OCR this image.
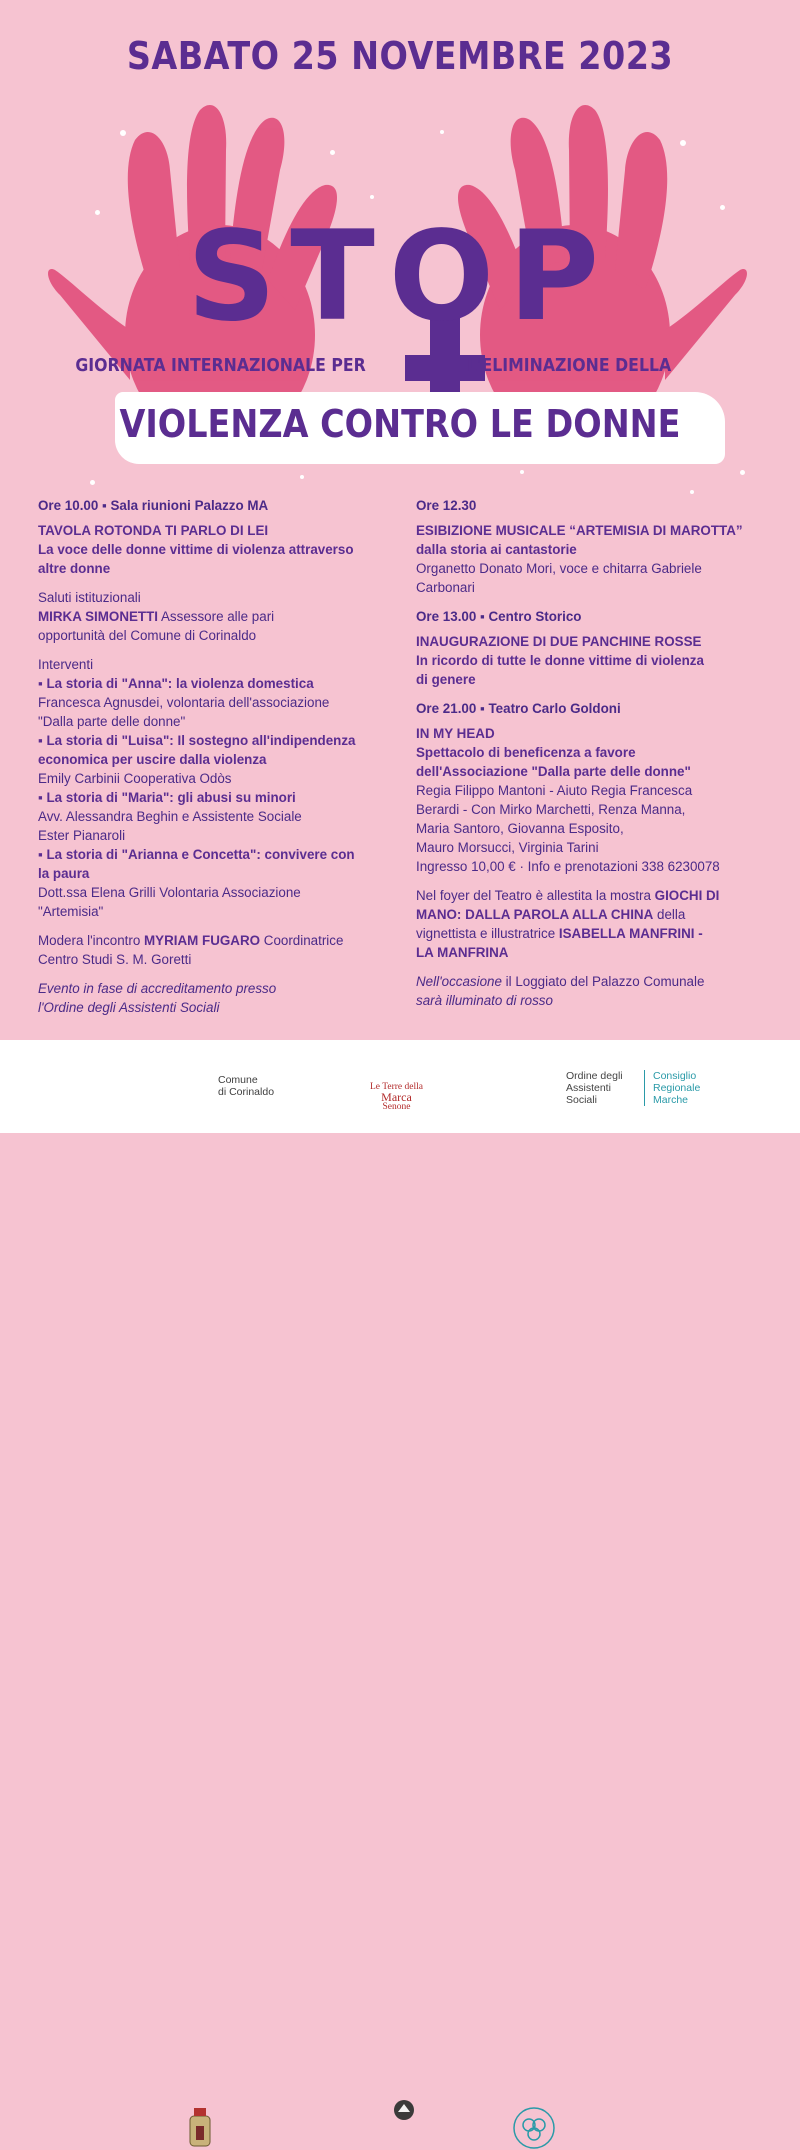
SABATO 25 NOVEMBRE 2023
STOP
GIORNATA INTERNAZIONALE PER	L'ELIMINAZIONE DELLA
VIOLENZA CONTRO LE DONNE
Ore 10.00 ▪ Sala riunioni Palazzo MA
TAVOLA ROTONDA TI PARLO DI LEI
La voce delle donne vittime di violenza attraverso
altre donne
Saluti istituzionali
MIRKA SIMONETTI Assessore alle pari
opportunità del Comune di Corinaldo
Interventi
▪ La storia di "Anna": la violenza domestica
Francesca Agnusdei, volontaria dell'associazione
"Dalla parte delle donne"
▪ La storia di "Luisa": Il sostegno all'indipendenza
economica per uscire dalla violenza
Emily Carbinii Cooperativa Odòs
▪ La storia di "Maria": gli abusi su minori
Avv. Alessandra Beghin e Assistente Sociale
Ester Pianaroli
▪ La storia di "Arianna e Concetta": convivere con
la paura
Dott.ssa Elena Grilli Volontaria Associazione
"Artemisia"
Modera l'incontro MYRIAM FUGARO Coordinatrice
Centro Studi S. M. Goretti
Evento in fase di accreditamento presso
l'Ordine degli Assistenti Sociali
Ore 12.30
ESIBIZIONE MUSICALE “ARTEMISIA DI MAROTTA”
dalla storia ai cantastorie
Organetto Donato Mori, voce e chitarra Gabriele
Carbonari
Ore 13.00 ▪ Centro Storico
INAUGURAZIONE DI DUE PANCHINE ROSSE
In ricordo di tutte le donne vittime di violenza
di genere
Ore 21.00 ▪ Teatro Carlo Goldoni
IN MY HEAD
Spettacolo di beneficenza a favore
dell'Associazione "Dalla parte delle donne"
Regia Filippo Mantoni - Aiuto Regia Francesca
Berardi - Con Mirko Marchetti, Renza Manna,
Maria Santoro, Giovanna Esposito,
Mauro Morsucci, Virginia Tarini
Ingresso 10,00 € · Info e prenotazioni 338 6230078
Nel foyer del Teatro è allestita la mostra GIOCHI DI
MANO: DALLA PAROLA ALLA CHINA della
vignettista e illustratrice ISABELLA MANFRINI -
LA MANFRINA
Nell'occasione il Loggiato del Palazzo Comunale
sarà illuminato di rosso
Comune
di Corinaldo	Le Terre della
Marca
Senone
Ordine degli
Assistenti
Sociali
Consiglio
Regionale
Marche
